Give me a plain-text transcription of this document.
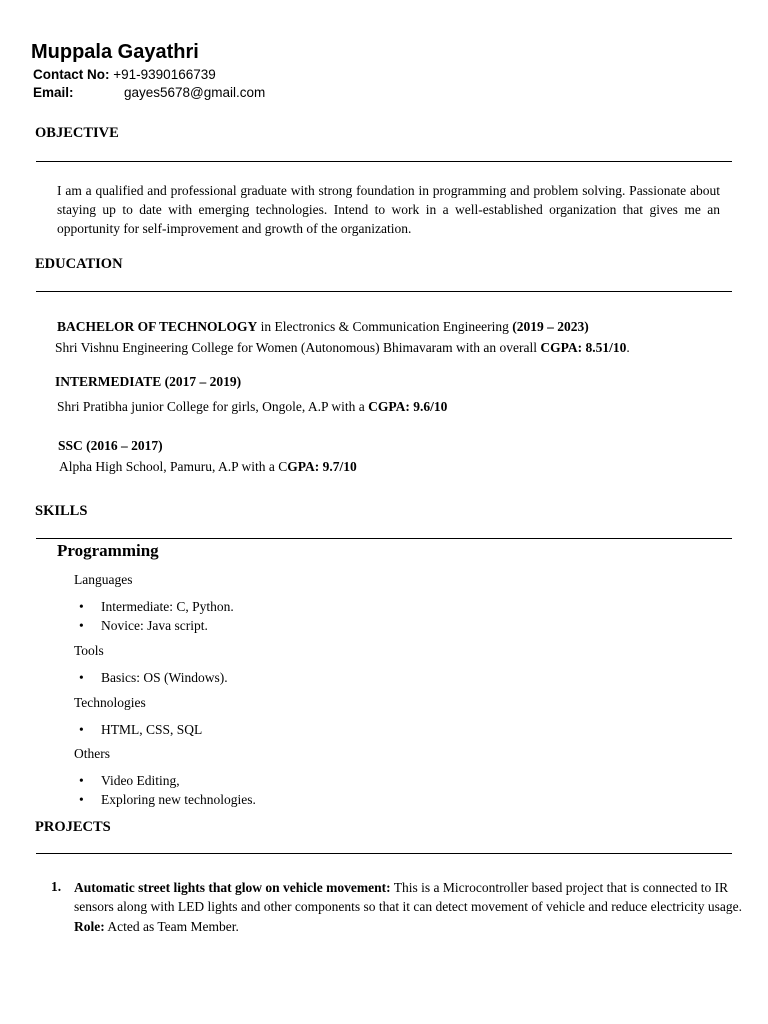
Muppala Gayathri
Contact No: +91-9390166739
Email:	gayes5678@gmail.com
OBJECTIVE
I am a qualified and professional graduate with strong foundation in programming and problem solving. Passionate about staying up to date with emerging technologies. Intend to work in a well-established organization that gives me an opportunity for self-improvement and growth of the organization.
EDUCATION
BACHELOR OF TECHNOLOGY in Electronics & Communication Engineering (2019 – 2023)
Shri Vishnu Engineering College for Women (Autonomous) Bhimavaram with an overall CGPA: 8.51/10.
INTERMEDIATE (2017 – 2019)
Shri Pratibha junior College for girls, Ongole, A.P with a CGPA: 9.6/10
SSC (2016 – 2017)
Alpha High School, Pamuru, A.P with a CGPA: 9.7/10
SKILLS
Programming
Languages
• Intermediate: C, Python.
• Novice: Java script.
Tools
• Basics: OS (Windows).
Technologies
• HTML, CSS, SQL
Others
• Video Editing,
• Exploring new technologies.
PROJECTS
1. Automatic street lights that glow on vehicle movement: This is a Microcontroller based project that is connected to IR sensors along with LED lights and other components so that it can detect movement of vehicle and reduce electricity usage.
Role: Acted as Team Member.
